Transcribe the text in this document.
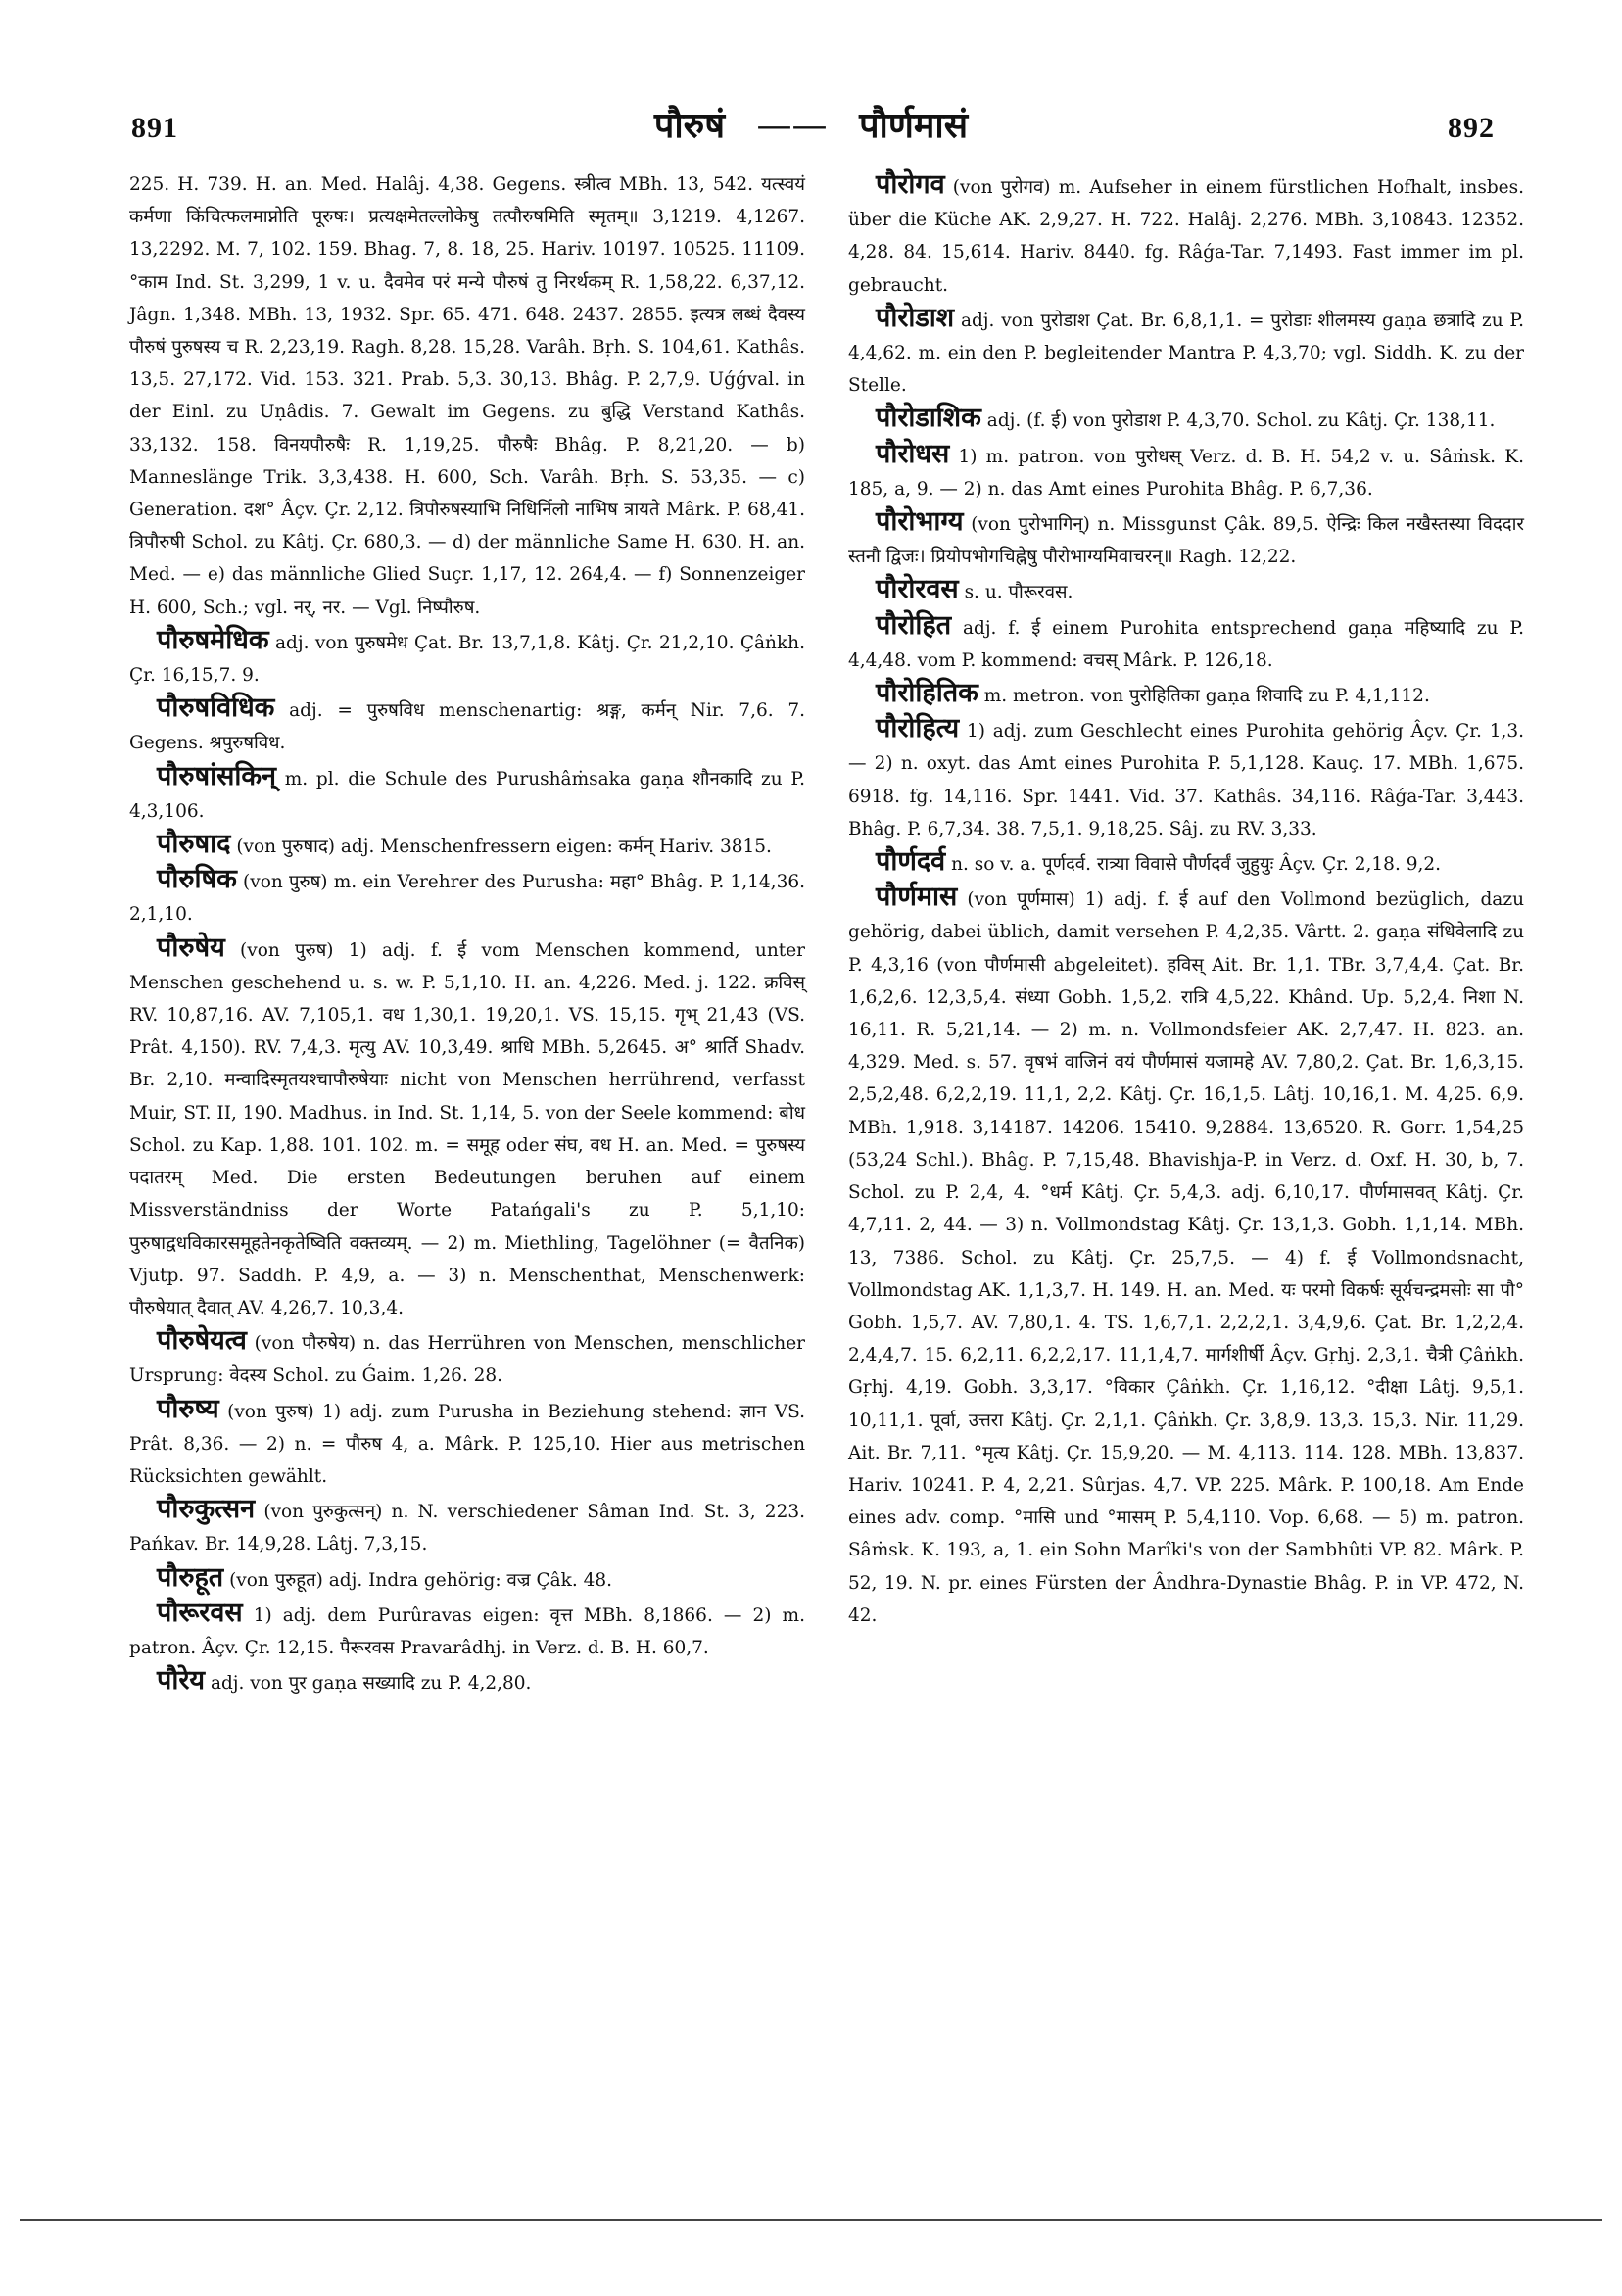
891	पौरुषं —— पौर्णमासं	892

225. H. 739. H. an. Med. Halâj. 4,38. Gegens. स्त्रीत्व MBh. 13, 542. यत्स्वयं कर्मणा किंचित्फलमाप्नोति पूरुषः। प्रत्यक्षमेतल्लोकेषु तत्पौरुषमिति स्मृतम्॥ 3,1219. 4,1267. 13,2292. M. 7, 102. 159. Bhag. 7, 8. 18, 25. Hariv. 10197. 10525. 11109. °काम Ind. St. 3,299, 1 v. u. दैवमेव परं मन्ये पौरुषं तु निरर्थकम् R. 1,58,22. 6,37,12. Jâgn. 1,348. MBh. 13, 1932. Spr. 65. 471. 648. 2437. 2855. इत्यत्र लब्धं दैवस्य पौरुषं पुरुषस्य च R. 2,23,19. Ragh. 8,28. 15,28. Varâh. Bṛh. S. 104,61. Kathâs. 13,5. 27,172. Vid. 153. 321. Prab. 5,3. 30,13. Bhâg. P. 2,7,9. Uǵǵval. in der Einl. zu Uṇâdis. 7. Gewalt im Gegens. zu बुद्धि Verstand Kathâs. 33,132. 158. विनयपौरुषैः R. 1,19,25. पौरुषैः Bhâg. P. 8,21,20. — b) Manneslänge Trik. 3,3,438. H. 600, Sch. Varâh. Bṛh. S. 53,35. — c) Generation. दश° Âçv. Çr. 2,12. त्रिपौरुषस्याभि निधिर्निलो नाभिष त्रायते Mârk. P. 68,41. त्रिपौरुषी Schol. zu Kâtj. Çr. 680,3. — d) der männliche Same H. 630. H. an. Med. — e) das männliche Glied Suçr. 1,17, 12. 264,4. — f) Sonnenzeiger H. 600, Sch.; vgl. नर्, नर. — Vgl. निष्पौरुष.

पौरुषमेधिक adj. von पुरुषमेध Çat. Br. 13,7,1,8. Kâtj. Çr. 21,2,10. Çâṅkh. Çr. 16,15,7. 9.

पौरुषविधिक adj. = पुरुषविध menschenartig: श्रङ्ग, कर्मन् Nir. 7,6. 7. Gegens. श्रपुरुषविध.

पौरुषांसकिन् m. pl. die Schule des Purushâṁsaka gaṇa शौनकादि zu P. 4,3,106.

पौरुषाद (von पुरुषाद) adj. Menschenfressern eigen: कर्मन् Hariv. 3815.

पौरुषिक (von पुरुष) m. ein Verehrer des Purusha: महा° Bhâg. P. 1,14,36. 2,1,10.

पौरुषेय (von पुरुष) 1) adj. f. ई vom Menschen kommend, unter Menschen geschehend u. s. w. P. 5,1,10. H. an. 4,226. Med. j. 122. क्रविस् RV. 10,87,16. AV. 7,105,1. वध 1,30,1. 19,20,1. VS. 15,15. गृभ् 21,43 (VS. Prât. 4,150). RV. 7,4,3. मृत्यु AV. 10,3,49. श्राधि MBh. 5,2645. अ° श्रार्ति Shadv. Br. 2,10. मन्वादिस्मृतयश्चापौरुषेयाः nicht von Menschen herrührend, verfasst Muir, ST. II, 190. Madhus. in Ind. St. 1,14, 5. von der Seele kommend: बोध Schol. zu Kap. 1,88. 101. 102. m. = समूह oder संघ, वध H. an. Med. = पुरुषस्य पदातरम् Med. Die ersten Bedeutungen beruhen auf einem Missverständniss der Worte Patańgali's zu P. 5,1,10: पुरुषाद्वधविकारसमूहतेनकृतेष्विति वक्तव्यम्. — 2) m. Miethling, Tagelöhner (= वैतनिक) Vjutp. 97. Saddh. P. 4,9, a. — 3) n. Menschenthat, Menschenwerk: पौरुषेयात् दैवात् AV. 4,26,7. 10,3,4.

पौरुषेयत्व (von पौरुषेय) n. das Herrühren von Menschen, menschlicher Ursprung: वेदस्य Schol. zu Ǵaim. 1,26. 28.

पौरुष्य (von पुरुष) 1) adj. zum Purusha in Beziehung stehend: ज्ञान VS. Prât. 8,36. — 2) n. = पौरुष 4, a. Mârk. P. 125,10. Hier aus metrischen Rücksichten gewählt.

पौरुकुत्सन (von पुरुकुत्सन्) n. N. verschiedener Sâman Ind. St. 3, 223. Pańkav. Br. 14,9,28. Lâtj. 7,3,15.

पौरुहूत (von पुरुहूत) adj. Indra gehörig: वज्र Çâk. 48.

पौरूरवस 1) adj. dem Purûravas eigen: वृत्त MBh. 8,1866. — 2) m. patron. Âçv. Çr. 12,15. पैरूरवस Pravarâdhj. in Verz. d. B. H. 60,7.

पौरेय adj. von पुर gaṇa सख्यादि zu P. 4,2,80.

पौरोगव (von पुरोगव) m. Aufseher in einem fürstlichen Hofhalt, insbes. über die Küche AK. 2,9,27. H. 722. Halâj. 2,276. MBh. 3,10843. 12352. 4,28. 84. 15,614. Hariv. 8440. fg. Râǵa-Tar. 7,1493. Fast immer im pl. gebraucht.

पौरोडाश adj. von पुरोडाश Çat. Br. 6,8,1,1. = पुरोडाः शीलमस्य gaṇa छत्रादि zu P. 4,4,62. m. ein den P. begleitender Mantra P. 4,3,70; vgl. Siddh. K. zu der Stelle.

पौरोडाशिक adj. (f. ई) von पुरोडाश P. 4,3,70. Schol. zu Kâtj. Çr. 138,11.

पौरोधस 1) m. patron. von पुरोधस् Verz. d. B. H. 54,2 v. u. Sâṁsk. K. 185, a, 9. — 2) n. das Amt eines Purohita Bhâg. P. 6,7,36.

पौरोभाग्य (von पुरोभागिन्) n. Missgunst Çâk. 89,5. ऐन्द्रिः किल नखैस्तस्या विददार स्तनौ द्विजः। प्रियोपभोगचिह्नेषु पौरोभाग्यमिवाचरन्॥ Ragh. 12,22.

पौरोरवस s. u. पौरूरवस.

पौरोहित adj. f. ई einem Purohita entsprechend gaṇa महिष्यादि zu P. 4,4,48. vom P. kommend: वचस् Mârk. P. 126,18.

पौरोहितिक m. metron. von पुरोहितिका gaṇa शिवादि zu P. 4,1,112.

पौरोहित्य 1) adj. zum Geschlecht eines Purohita gehörig Âçv. Çr. 1,3. — 2) n. oxyt. das Amt eines Purohita P. 5,1,128. Kauç. 17. MBh. 1,675. 6918. fg. 14,116. Spr. 1441. Vid. 37. Kathâs. 34,116. Râǵa-Tar. 3,443. Bhâg. P. 6,7,34. 38. 7,5,1. 9,18,25. Sâj. zu RV. 3,33.

पौर्णदर्व n. so v. a. पूर्णदर्व. रात्र्या विवासे पौर्णदर्वं जुहुयुः Âçv. Çr. 2,18. 9,2.

पौर्णमास (von पूर्णमास) 1) adj. f. ई auf den Vollmond bezüglich, dazu gehörig, dabei üblich, damit versehen P. 4,2,35. Vârtt. 2. gaṇa संधिवेलादि zu P. 4,3,16 (von पौर्णमासी abgeleitet). हविस् Ait. Br. 1,1. TBr. 3,7,4,4. Çat. Br. 1,6,2,6. 12,3,5,4. संध्या Gobh. 1,5,2. रात्रि 4,5,22. Khând. Up. 5,2,4. निशा N. 16,11. R. 5,21,14. — 2) m. n. Vollmondsfeier AK. 2,7,47. H. 823. an. 4,329. Med. s. 57. वृषभं वाजिनं वयं पौर्णमासं यजामहे AV. 7,80,2. Çat. Br. 1,6,3,15. 2,5,2,48. 6,2,2,19. 11,1, 2,2. Kâtj. Çr. 16,1,5. Lâtj. 10,16,1. M. 4,25. 6,9. MBh. 1,918. 3,14187. 14206. 15410. 9,2884. 13,6520. R. Gorr. 1,54,25 (53,24 Schl.). Bhâg. P. 7,15,48. Bhavishja-P. in Verz. d. Oxf. H. 30, b, 7. Schol. zu P. 2,4, 4. °धर्म Kâtj. Çr. 5,4,3. adj. 6,10,17. पौर्णमासवत् Kâtj. Çr. 4,7,11. 2, 44. — 3) n. Vollmondstag Kâtj. Çr. 13,1,3. Gobh. 1,1,14. MBh. 13, 7386. Schol. zu Kâtj. Çr. 25,7,5. — 4) f. ई Vollmondsnacht, Vollmondstag AK. 1,1,3,7. H. 149. H. an. Med. यः परमो विकर्षः सूर्यचन्द्रमसोः सा पौ° Gobh. 1,5,7. AV. 7,80,1. 4. TS. 1,6,7,1. 2,2,2,1. 3,4,9,6. Çat. Br. 1,2,2,4. 2,4,4,7. 15. 6,2,11. 6,2,2,17. 11,1,4,7. मार्गशीर्षी Âçv. Gṛhj. 2,3,1. चैत्री Çâṅkh. Gṛhj. 4,19. Gobh. 3,3,17. °विकार Çâṅkh. Çr. 1,16,12. °दीक्षा Lâtj. 9,5,1. 10,11,1. पूर्वा, उत्तरा Kâtj. Çr. 2,1,1. Çâṅkh. Çr. 3,8,9. 13,3. 15,3. Nir. 11,29. Ait. Br. 7,11. °मृत्य Kâtj. Çr. 15,9,20. — M. 4,113. 114. 128. MBh. 13,837. Hariv. 10241. P. 4, 2,21. Sûrjas. 4,7. VP. 225. Mârk. P. 100,18. Am Ende eines adv. comp. °मासि und °मासम् P. 5,4,110. Vop. 6,68. — 5) m. patron. Sâṁsk. K. 193, a, 1. ein Sohn Marîki's von der Sambhûti VP. 82. Mârk. P. 52, 19. N. pr. eines Fürsten der Ândhra-Dynastie Bhâg. P. in VP. 472, N. 42.
